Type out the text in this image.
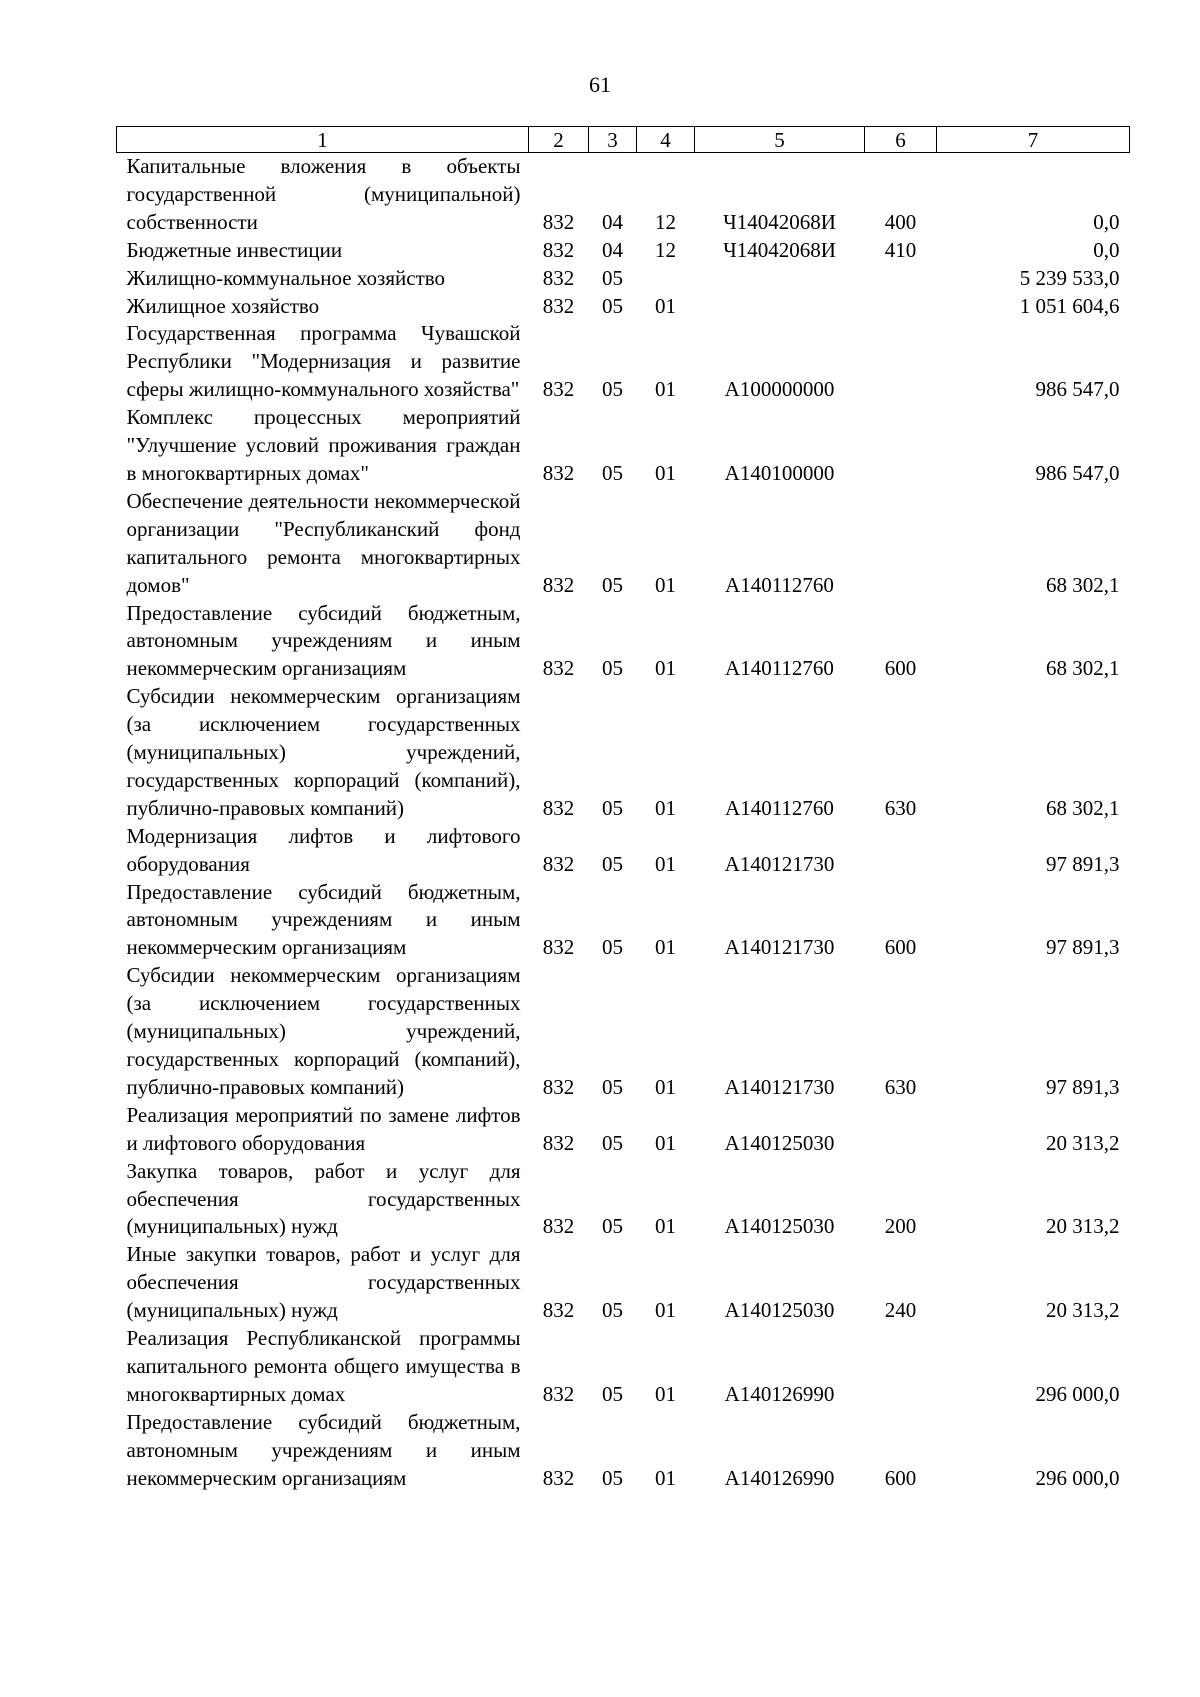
61
1	2	3	4	5	6	7
Капитальные вложения в объекты государственной (муниципальной) собственности	832	04	12	Ч14042068И	400	0,0
Бюджетные инвестиции	832	04	12	Ч14042068И	410	0,0
Жилищно-коммунальное хозяйство	832	05				5 239 533,0
Жилищное хозяйство	832	05	01			1 051 604,6
Государственная программа Чувашской Республики "Модернизация и развитие сферы жилищно-коммунального хозяйства"	832	05	01	А100000000		986 547,0
Комплекс процессных мероприятий "Улучшение условий проживания граждан в многоквартирных домах"	832	05	01	А140100000		986 547,0
Обеспечение деятельности некоммерческой организации "Республиканский фонд капитального ремонта многоквартирных домов"	832	05	01	А140112760		68 302,1
Предоставление субсидий бюджетным, автономным учреждениям и иным некоммерческим организациям	832	05	01	А140112760	600	68 302,1
Субсидии некоммерческим организациям (за исключением государственных (муниципальных) учреждений, государственных корпораций (компаний), публично-правовых компаний)	832	05	01	А140112760	630	68 302,1
Модернизация лифтов и лифтового оборудования	832	05	01	А140121730		97 891,3
Предоставление субсидий бюджетным, автономным учреждениям и иным некоммерческим организациям	832	05	01	А140121730	600	97 891,3
Субсидии некоммерческим организациям (за исключением государственных (муниципальных) учреждений, государственных корпораций (компаний), публично-правовых компаний)	832	05	01	А140121730	630	97 891,3
Реализация мероприятий по замене лифтов и лифтового оборудования	832	05	01	А140125030		20 313,2
Закупка товаров, работ и услуг для обеспечения государственных (муниципальных) нужд	832	05	01	А140125030	200	20 313,2
Иные закупки товаров, работ и услуг для обеспечения государственных (муниципальных) нужд	832	05	01	А140125030	240	20 313,2
Реализация Республиканской программы капитального ремонта общего имущества в многоквартирных домах	832	05	01	А140126990		296 000,0
Предоставление субсидий бюджетным, автономным учреждениям и иным некоммерческим организациям	832	05	01	А140126990	600	296 000,0
